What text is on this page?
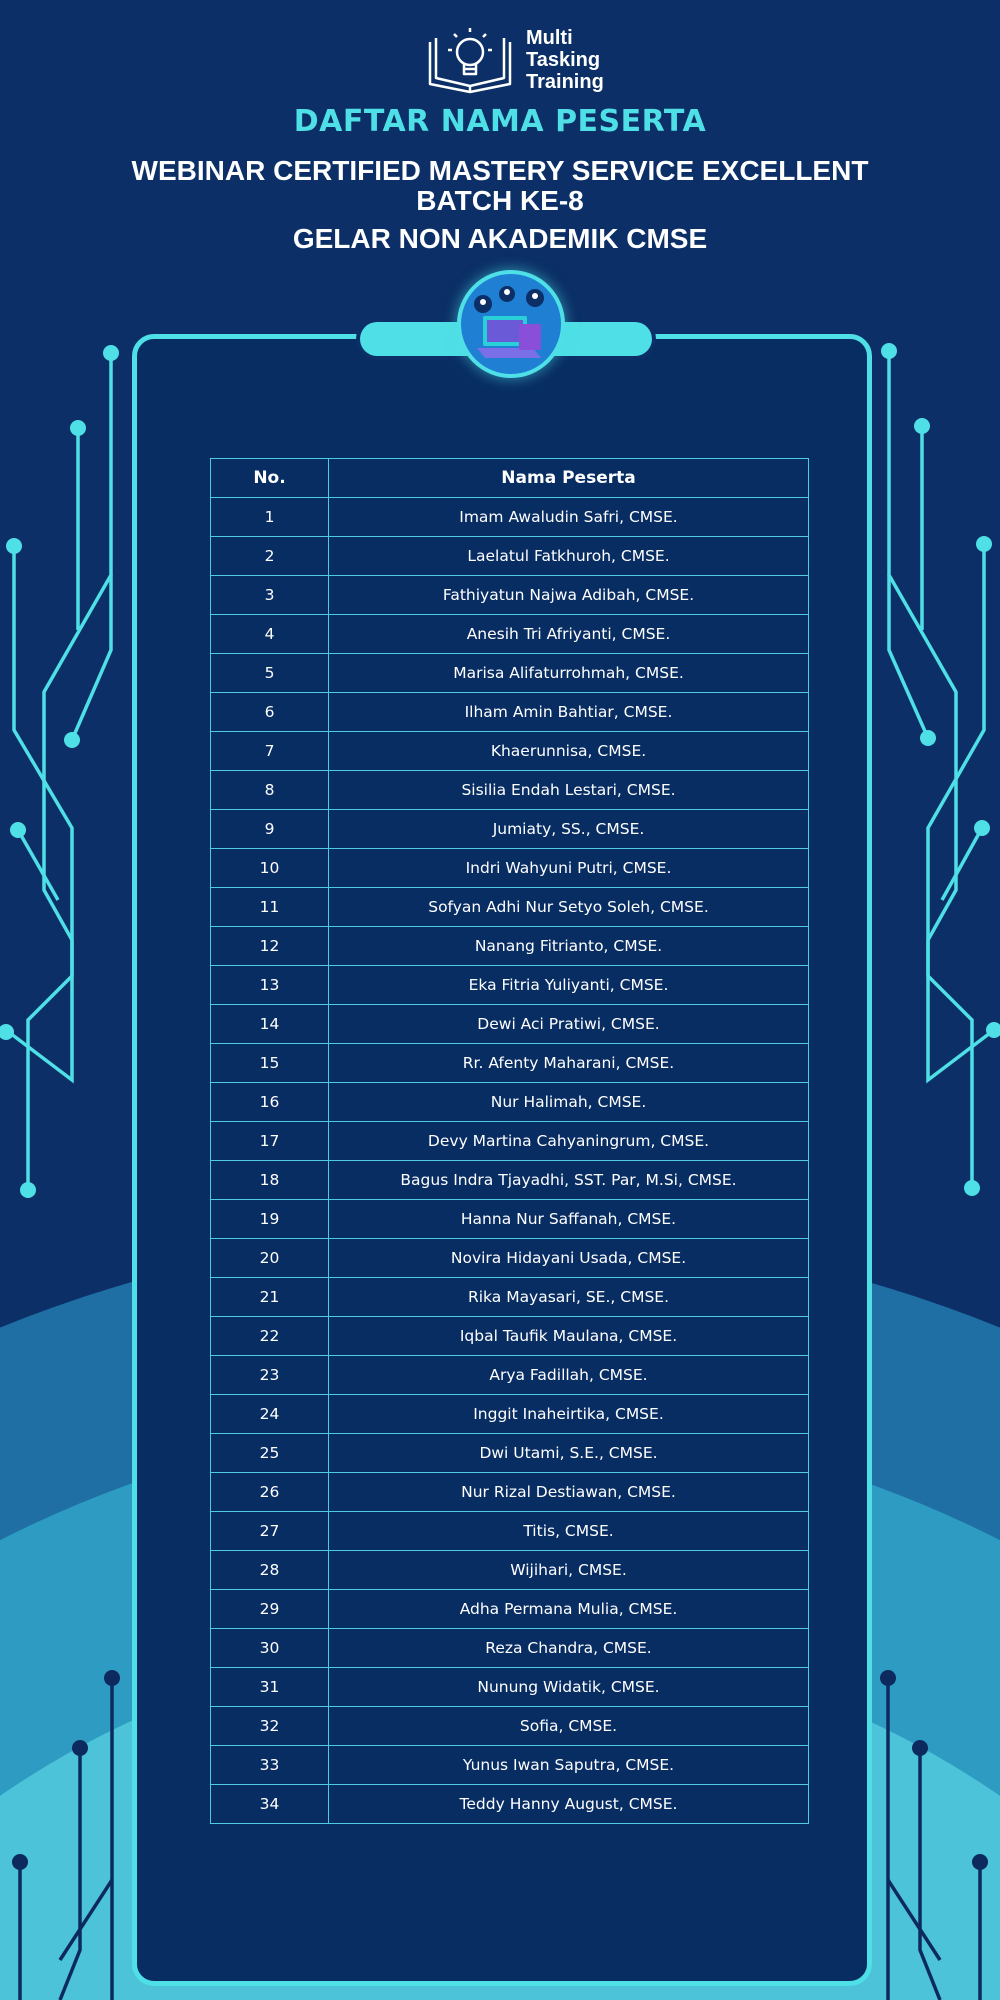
Multi
Tasking
Training
DAFTAR NAMA PESERTA
WEBINAR CERTIFIED MASTERY SERVICE EXCELLENT
BATCH KE-8
GELAR NON AKADEMIK CMSE
No.	Nama Peserta
1	Imam Awaludin Safri, CMSE.
2	Laelatul Fatkhuroh, CMSE.
3	Fathiyatun Najwa Adibah, CMSE.
4	Anesih Tri Afriyanti, CMSE.
5	Marisa Alifaturrohmah, CMSE.
6	Ilham Amin Bahtiar, CMSE.
7	Khaerunnisa, CMSE.
8	Sisilia Endah Lestari, CMSE.
9	Jumiaty, SS., CMSE.
10	Indri Wahyuni Putri, CMSE.
11	Sofyan Adhi Nur Setyo Soleh, CMSE.
12	Nanang Fitrianto, CMSE.
13	Eka Fitria Yuliyanti, CMSE.
14	Dewi Aci Pratiwi, CMSE.
15	Rr. Afenty Maharani, CMSE.
16	Nur Halimah, CMSE.
17	Devy Martina Cahyaningrum, CMSE.
18	Bagus Indra Tjayadhi, SST. Par, M.Si, CMSE.
19	Hanna Nur Saffanah, CMSE.
20	Novira Hidayani Usada, CMSE.
21	Rika Mayasari, SE., CMSE.
22	Iqbal Taufik Maulana, CMSE.
23	Arya Fadillah, CMSE.
24	Inggit Inaheirtika, CMSE.
25	Dwi Utami, S.E., CMSE.
26	Nur Rizal Destiawan, CMSE.
27	Titis, CMSE.
28	Wijihari, CMSE.
29	Adha Permana Mulia, CMSE.
30	Reza Chandra, CMSE.
31	Nunung Widatik, CMSE.
32	Sofia, CMSE.
33	Yunus Iwan Saputra, CMSE.
34	Teddy Hanny August, CMSE.
